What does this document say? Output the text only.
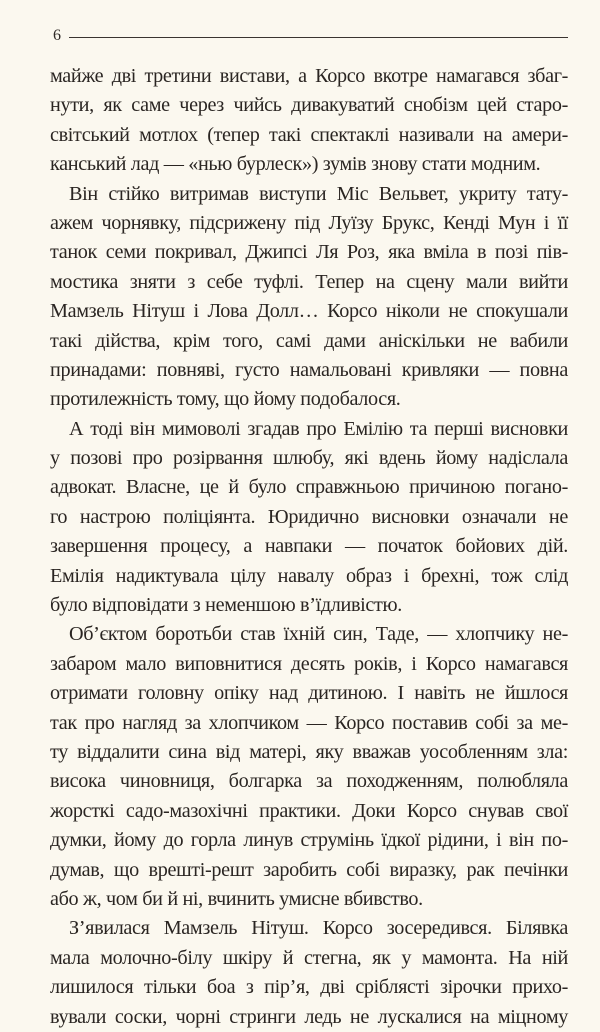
6
майже дві третини вистави, а Корсо вкотре намагався збаг-
нути, як саме через чийсь дивакуватий снобізм цей старо-
світський мотлох (тепер такі спектаклі називали на амери-
канський лад — «нью бурлеск») зумів знову стати модним.
Він стійко витримав виступи Міс Вельвет, укриту тату-
ажем чорнявку, підсрижену під Луїзу Брукс, Кенді Мун і її
танок семи покривал, Джипсі Ля Роз, яка вміла в позі пів-
мостика зняти з себе туфлі. Тепер на сцену мали вийти
Мамзель Нітуш і Лова Долл… Корсо ніколи не спокушали
такі дійства, крім того, самі дами аніскільки не вабили
принадами: повняві, густо намальовані кривляки — повна
протилежність тому, що йому подобалося.
А тоді він мимоволі згадав про Емілію та перші висновки
у позові про розірвання шлюбу, які вдень йому надіслала
адвокат. Власне, це й було справжньою причиною погано-
го настрою поліціянта. Юридично висновки означали не
завершення процесу, а навпаки — початок бойових дій.
Емілія надиктувала цілу навалу образ і брехні, тож слід
було відповідати з неменшою в’їдливістю.
Об’єктом боротьби став їхній син, Таде, — хлопчику не-
забаром мало виповнитися десять років, і Корсо намагався
отримати головну опіку над дитиною. І навіть не йшлося
так про нагляд за хлопчиком — Корсо поставив собі за ме-
ту віддалити сина від матері, яку вважав уособленням зла:
висока чиновниця, болгарка за походженням, полюбляла
жорсткі садо-мазохічні практики. Доки Корсо снував свої
думки, йому до горла линув струмінь їдкої рідини, і він по-
думав, що врешті-решт заробить собі виразку, рак печінки
або ж, чом би й ні, вчинить умисне вбивство.
З’явилася Мамзель Нітуш. Корсо зосередився. Білявка
мала молочно-білу шкіру й стегна, як у мамонта. На ній
лишилося тільки боа з пір’я, дві сріблясті зірочки прихо-
вували соски, чорні стринги ледь не лускалися на міцному
